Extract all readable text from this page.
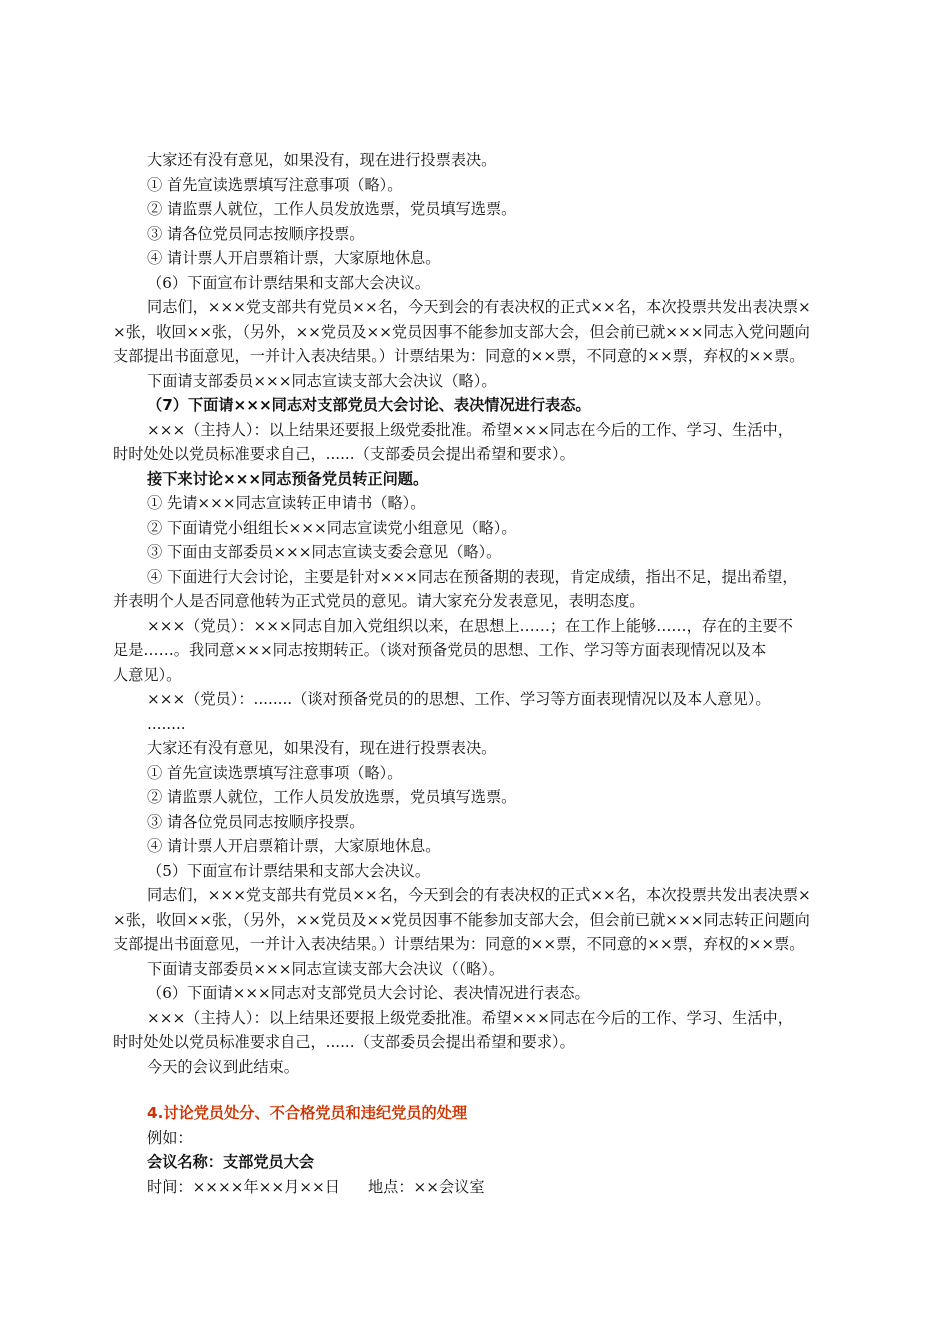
大家还有没有意见，如果没有，现在进行投票表决。
① 首先宣读选票填写注意事项（略）。
② 请监票人就位，工作人员发放选票，党员填写选票。
③ 请各位党员同志按顺序投票。
④ 请计票人开启票箱计票，大家原地休息。
（6）下面宣布计票结果和支部大会决议。
同志们，×××党支部共有党员××名，今天到会的有表决权的正式××名，本次投票共发出表决票×
×张，收回××张，（另外，××党员及××党员因事不能参加支部大会，但会前已就×××同志入党问题向
支部提出书面意见，一并计入表决结果。）计票结果为：同意的××票，不同意的××票，弃权的××票。
下面请支部委员×××同志宣读支部大会决议（略）。
（7）下面请×××同志对支部党员大会讨论、表决情况进行表态。
×××（主持人）：以上结果还要报上级党委批准。希望×××同志在今后的工作、学习、生活中，
时时处处以党员标准要求自己，......（支部委员会提出希望和要求）。
接下来讨论×××同志预备党员转正问题。
① 先请×××同志宣读转正申请书（略）。
② 下面请党小组组长×××同志宣读党小组意见（略）。
③ 下面由支部委员×××同志宣读支委会意见（略）。
④ 下面进行大会讨论，主要是针对×××同志在预备期的表现，肯定成绩，指出不足，提出希望，
并表明个人是否同意他转为正式党员的意见。请大家充分发表意见，表明态度。
×××（党员）：×××同志自加入党组织以来，在思想上……；在工作上能够……，存在的主要不
足是……。我同意×××同志按期转正。（谈对预备党员的思想、工作、学习等方面表现情况以及本
人意见）。
×××（党员）：........（谈对预备党员的的思想、工作、学习等方面表现情况以及本人意见）。
........
大家还有没有意见，如果没有，现在进行投票表决。
① 首先宣读选票填写注意事项（略）。
② 请监票人就位，工作人员发放选票，党员填写选票。
③ 请各位党员同志按顺序投票。
④ 请计票人开启票箱计票，大家原地休息。
（5）下面宣布计票结果和支部大会决议。
同志们，×××党支部共有党员××名，今天到会的有表决权的正式××名，本次投票共发出表决票×
×张，收回××张，（另外，××党员及××党员因事不能参加支部大会，但会前已就×××同志转正问题向
支部提出书面意见，一并计入表决结果。）计票结果为：同意的××票，不同意的××票，弃权的××票。
下面请支部委员×××同志宣读支部大会决议（（略）。
（6）下面请×××同志对支部党员大会讨论、表决情况进行表态。
×××（主持人）：以上结果还要报上级党委批准。希望×××同志在今后的工作、学习、生活中，
时时处处以党员标准要求自己，......（支部委员会提出希望和要求）。
今天的会议到此结束。
4.讨论党员处分、不合格党员和违纪党员的处理
例如：
会议名称：支部党员大会
时间：××××年××月××日 地点：××会议室
